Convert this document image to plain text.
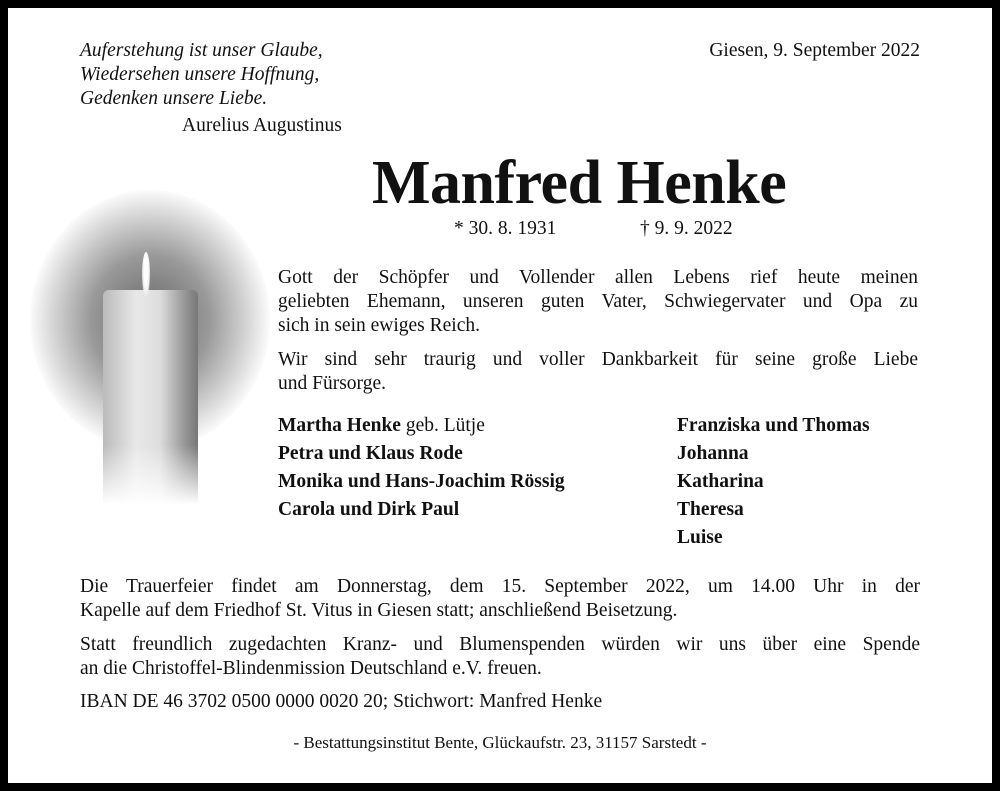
Auferstehung ist unser Glaube,
Wiedersehen unsere Hoffnung,
Gedenken unsere Liebe.
Aurelius Augustinus
Giesen, 9. September 2022
Manfred Henke
* 30. 8. 1931	† 9. 9. 2022
Gott der Schöpfer und Vollender allen Lebens rief heute meinen
geliebten Ehemann, unseren guten Vater, Schwiegervater und Opa zu
sich in sein ewiges Reich.
Wir sind sehr traurig und voller Dankbarkeit für seine große Liebe
und Fürsorge.
Martha Henke geb. Lütje
Petra und Klaus Rode
Monika und Hans-Joachim Rössig
Carola und Dirk Paul
Franziska und Thomas
Johanna
Katharina
Theresa
Luise
Die Trauerfeier findet am Donnerstag, dem 15. September 2022, um 14.00 Uhr in der
Kapelle auf dem Friedhof St. Vitus in Giesen statt; anschließend Beisetzung.
Statt freundlich zugedachten Kranz- und Blumenspenden würden wir uns über eine Spende
an die Christoffel-Blindenmission Deutschland e.V. freuen.
IBAN DE 46 3702 0500 0000 0020 20; Stichwort: Manfred Henke
- Bestattungsinstitut Bente, Glückaufstr. 23, 31157 Sarstedt -
